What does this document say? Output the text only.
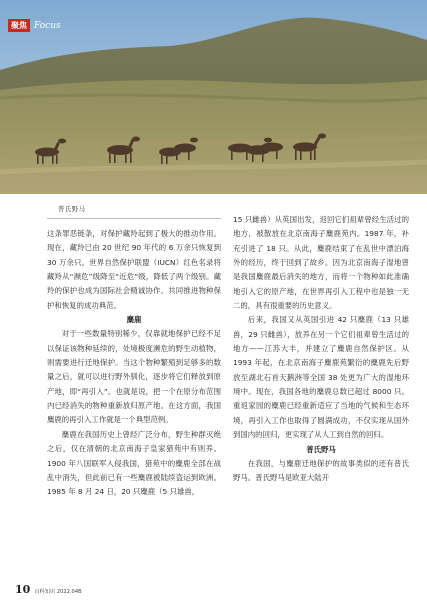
聚焦 Focus
普氏野马

这条罪恶链条，对保护藏羚起到了极大的推动作用。现在，藏羚已由 20 世纪 90 年代的 6 万余只恢复到 30 万余只。世界自然保护联盟（IUCN）红色名录将藏羚从“濒危”级降至“近危”级，降低了两个级别。藏羚的保护也成为国际社会精诚协作、共同推进物种保护和恢复的成功典范。

麋鹿

对于一些数量特别稀少，仅靠就地保护已经不足以保证该物种延续的，处境极度濒危的野生动植物，则需要进行迁地保护。当这个物种繁殖到足够多的数量之后，就可以进行野外驯化，逐步将它们释放到原产地，即“再引入”。也就是说，把一个在原分布范围内已经消失的物种重新放归原产地。在这方面，我国麋鹿的再引入工作就是一个典型范例。

麋鹿在我国历史上曾经广泛分布，野生种群灭绝之后，仅在清朝的北京南海子皇家猎苑中有则养。1900 年八国联军入侵我国，猎苑中的麋鹿全部在战乱中消失，但此前已有一些麋鹿被陆续盗运到欧洲。1985 年 8 月 24 日，20 只麋鹿（5 只雄兽，

15 只雌兽）从英国出发，返回它们祖辈曾经生活过的地方，被散放在北京南海子麋鹿苑内。1987 年，补充引进了 18 只。从此，麋鹿结束了在乱世中漂泊海外的经历，终于回到了故乡。因为北京南海子湿地曾是我国麋鹿最后消失的地方，而将一个物种如此准确地引入它的原产地，在世界再引入工程中也是独一无二的，具有很重要的历史意义。

后来，我国又从英国引进 42 只麋鹿（13 只雄兽，29 只雌兽），放养在另一个它们祖辈曾生活过的地方——江苏大丰，并建立了麋鹿自然保护区。从 1993 年起，在北京南海子麋鹿苑繁衍的麋鹿先后野放至湖北石首天鹅洲等全国 38 处更为广大的湿地环境中。现在，我国各地的麋鹿总数已超过 8000 只。重返家园的麋鹿已经重新适应了当地的气候和生态环境，再引入工作也取得了圆满成功，不仅实现从国外到国内的回归，更实现了从人工到自然的回归。

普氏野马

在我国，与麋鹿迁地保护的故事类似的还有普氏野马。普氏野马是欧亚大陆开

10 百科知识 2022.04B
